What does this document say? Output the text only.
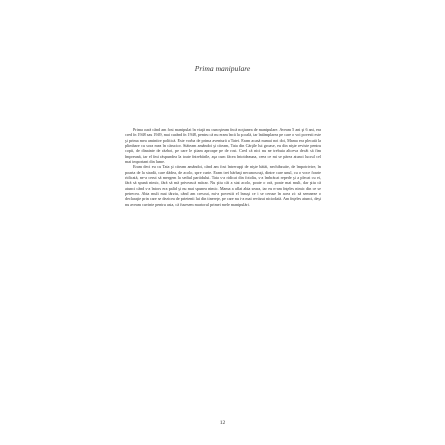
Prima manipulare

Prima oară când am fost manipulat în viaţă nu cunoşteam încă noţiunea de manipulare. Aveam 5 ani şi 6 ani, era cred în 1948 sau 1949, mai curând în 1948, pentru că nu eram încă la şcoală, iar întâmplarea pe care o voi povesti este şi prima mea amintire politică. Este vorba de prima aventură a Tatei. Eram acasă numai noi doi, Mama era plecată la plimbare cu sora mea în cărucior. Stăteam amândoi şi citeam, Tata din Cărţile lui groase, eu din nişte reviste pentru copii, de dinainte de război, pe care le ştiam aproape pe de rost. Cred că nici nu ne trebuia altceva decât să fim împreună, iar el îmi răspundea la toate întrebările, aşa cum făcea întotdeauna, ceea ce mi se părea atunci lucrul cel mai important din lume.

Eram deci eu cu Tata şi citeam amândoi, când am fost întrerupţi de nişte bătăi, nechibzuite, de împotrivire, în poarta de la stradă, care dădea, de acolo, spre curte. Eram trei bărbaţi necunoscuţi, dintre care unul, cu o voce foarte ridicată, ne-a cerut să mergem la sediul partidului. Tata s-a ridicat din fotoliu, s-a îmbrăcat repede şi a plecat cu ei, fără să spună nimic, fără să mă privească măcar. Nu ştiu cât a stat acolo, poate o oră, poate mai mult, dar ştiu că atunci când s-a întors era palid şi nu mai spunea nimic. Mama a aflat abia seara, iar eu n-am înţeles nimic din ce se petrecea. Abia mult mai târziu, când am crescut, mi-a povestit el însuşi ce i se ceruse în acea zi: să semneze o declaraţie prin care se dezicea de prietenii lui din tinereţe, pe care nu i-a mai revăzut niciodată. Am înţeles atunci, deşi nu aveam cuvinte pentru asta, că fusesem martorul primei mele manipulări.

12
